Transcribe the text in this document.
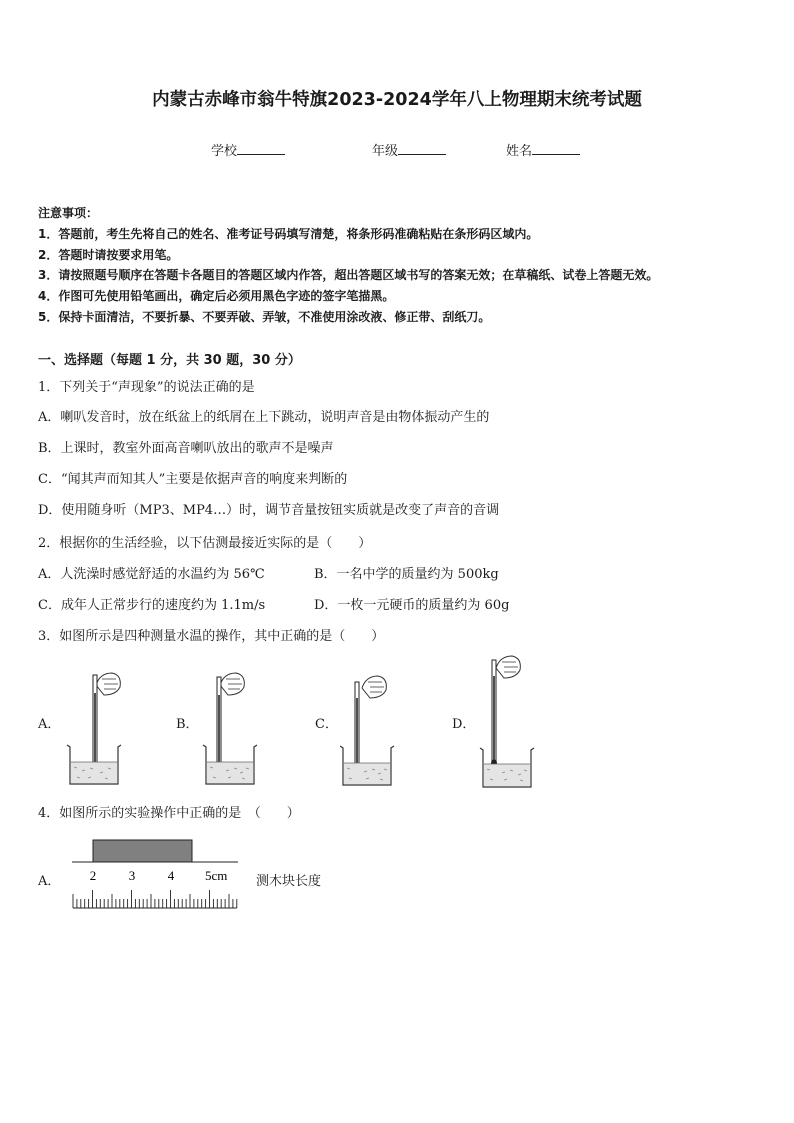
内蒙古赤峰市翁牛特旗2023-2024学年八上物理期末统考试题
学校	年级	姓名
注意事项：
1．答题前，考生先将自己的姓名、准考证号码填写清楚，将条形码准确粘贴在条形码区域内。
2．答题时请按要求用笔。
3．请按照题号顺序在答题卡各题目的答题区域内作答，超出答题区域书写的答案无效；在草稿纸、试卷上答题无效。
4．作图可先使用铅笔画出，确定后必须用黑色字迹的签字笔描黑。
5．保持卡面清洁，不要折暴、不要弄破、弄皱，不准使用涂改液、修正带、刮纸刀。
一、选择题（每题 1 分，共 30 题，30 分）
1．下列关于“声现象”的说法正确的是
A．喇叭发音时，放在纸盆上的纸屑在上下跳动，说明声音是由物体振动产生的
B．上课时，教室外面高音喇叭放出的歌声不是噪声
C．“闻其声而知其人”主要是依据声音的响度来判断的
D．使用随身听（MP3、MP4…）时，调节音量按钮实质就是改变了声音的音调
2．根据你的生活经验，以下估测最接近实际的是（　　）
A．人洗澡时感觉舒适的水温约为 56℃	B．一名中学的质量约为 500kg
C．成年人正常步行的速度约为 1.1m/s	D．一枚一元硬币的质量约为 60g
3．如图所示是四种测量水温的操作，其中正确的是（　　）
A．	B．	C．	D．
4．如图所示的实验操作中正确的是　（　　）
A． 2	3	4 5cm 测木块长度
